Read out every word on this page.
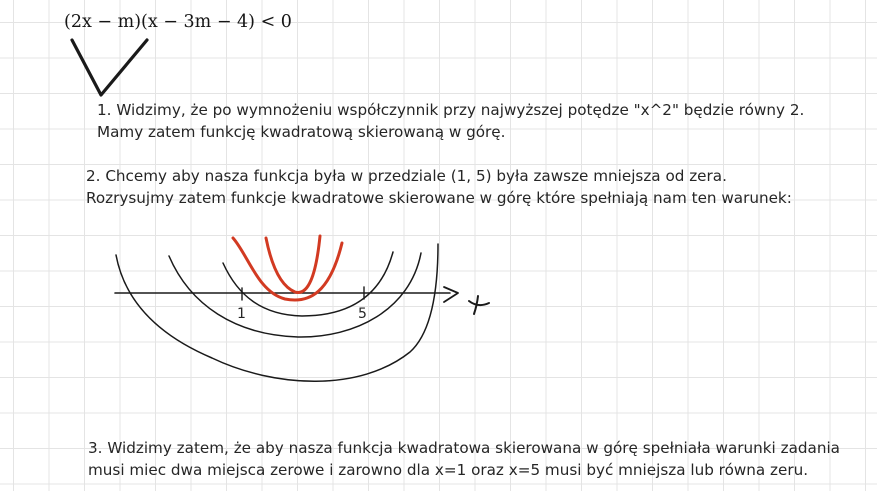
(2x − m)(x − 3m − 4) < 0

1. Widzimy, że po wymnożeniu współczynnik przy najwyższej potędze "x^2" będzie równy 2.

Mamy zatem funkcję kwadratową skierowaną w górę.

2. Chcemy aby nasza funkcja była w przedziale (1, 5) była zawsze mniejsza od zera.

Rozrysujmy zatem funkcje kwadratowe skierowane w górę które spełniają nam ten warunek:

3. Widzimy zatem, że aby nasza funkcja kwadratowa skierowana w górę spełniała warunki zadania

musi miec dwa miejsca zerowe i zarowno dla x=1 oraz x=5 musi być mniejsza lub równa zeru.

1	5
